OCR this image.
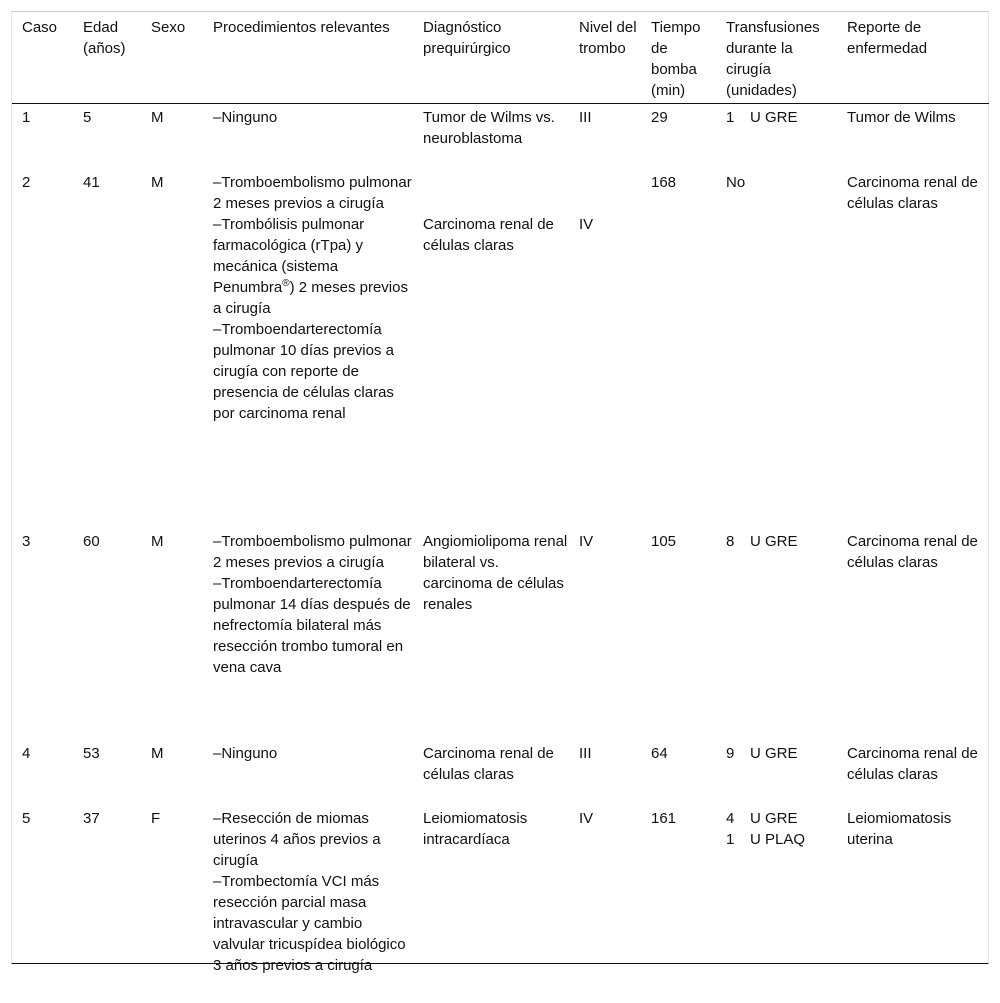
Caso	Edad (años)	Sexo	Procedimientos relevantes	Diagnóstico prequirúrgico	Nivel del trombo	Tiempo de bomba (min)	Transfusiones durante la cirugía (unidades)	Reporte de enfermedad
1	5	M	–Ninguno	Tumor de Wilms vs. neuroblastoma	III	29	1 U GRE	Tumor de Wilms
2	41	M	–Tromboembolismo pulmonar 2 meses previos a cirugía
–Trombólisis pulmonar farmacológica (rTpa) y mecánica (sistema Penumbra®) 2 meses previos a cirugía
–Tromboendarterectomía pulmonar 10 días previos a cirugía con reporte de presencia de células claras por carcinoma renal	Carcinoma renal de células claras	IV	168	No	Carcinoma renal de células claras
3	60	M	–Tromboembolismo pulmonar 2 meses previos a cirugía
–Tromboendarterectomía pulmonar 14 días después de nefrectomía bilateral más resección trombo tumoral en vena cava	Angiomiolipoma renal bilateral vs. carcinoma de células renales	IV	105	8 U GRE	Carcinoma renal de células claras
4	53	M	–Ninguno	Carcinoma renal de células claras	III	64	9 U GRE	Carcinoma renal de células claras
5	37	F	–Resección de miomas uterinos 4 años previos a cirugía
–Trombectomía VCI más resección parcial masa intravascular y cambio valvular tricuspídea biológico 3 años previos a cirugía	Leiomiomatosis intracardíaca	IV	161	4 U GRE
1 U PLAQ	Leiomiomatosis uterina
